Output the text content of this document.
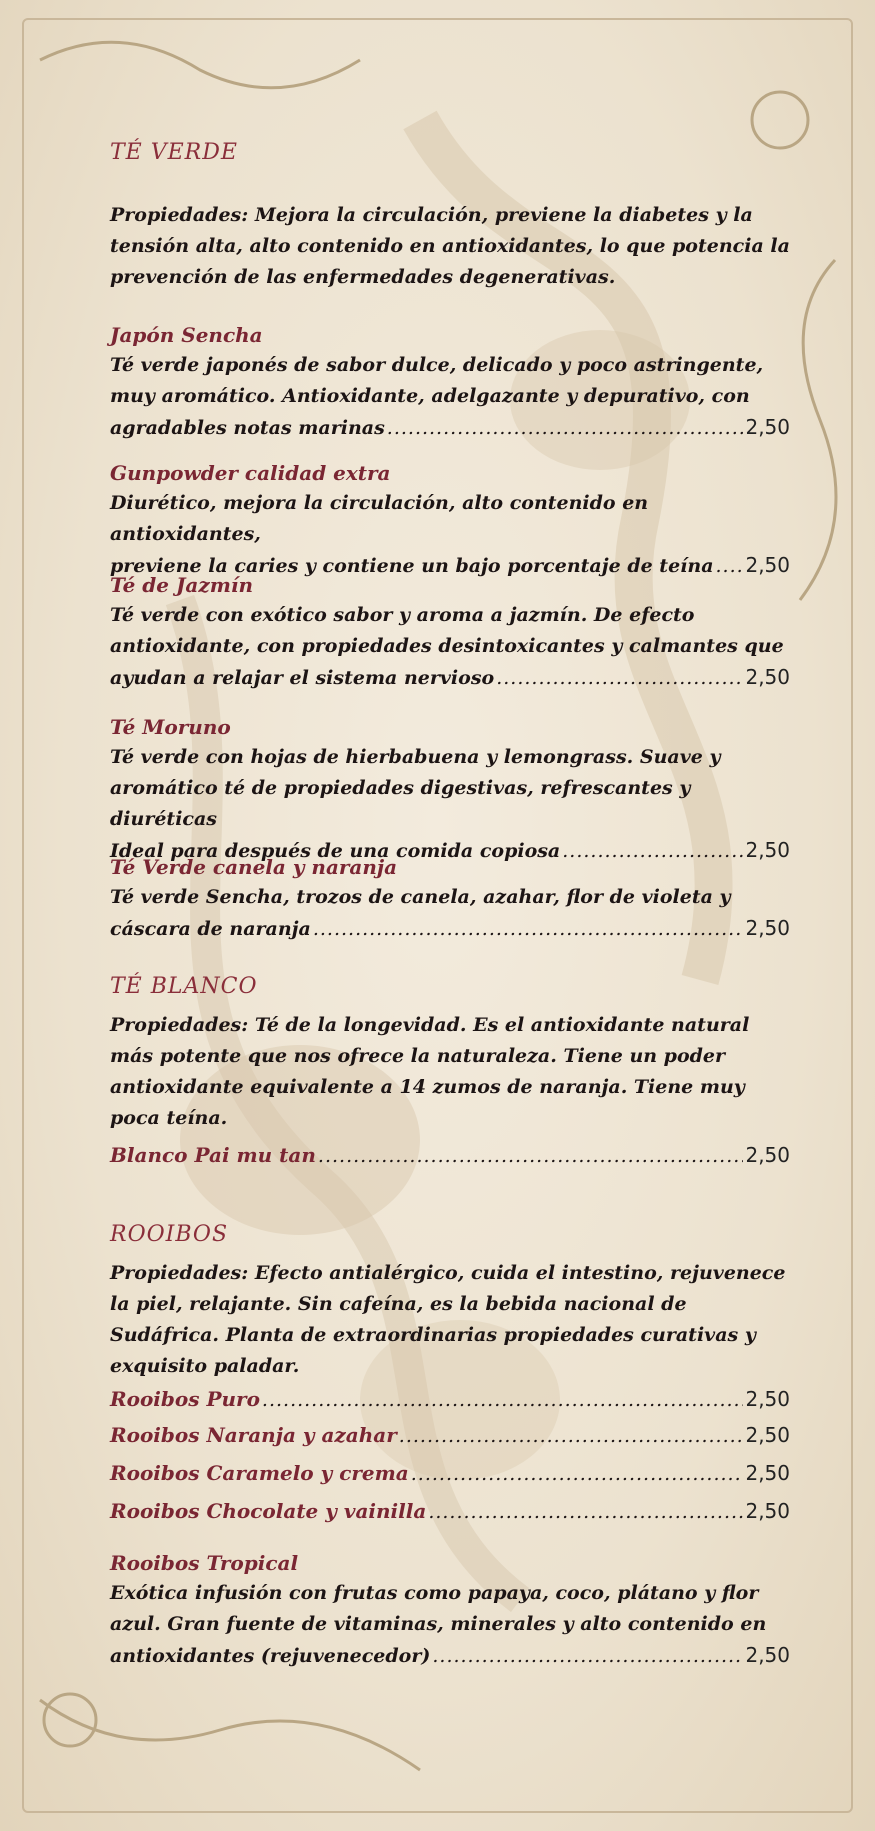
TÉ VERDE
Propiedades: Mejora la circulación, previene la diabetes y la tensión alta, alto contenido en antioxidantes, lo que potencia la prevención de las enfermedades degenerativas.
Japón Sencha
Té verde japonés de sabor dulce, delicado y poco astringente, muy aromático. Antioxidante, adelgazante y depurativo, con
agradables notas marinas .....	2,50
Gunpowder calidad extra
Diurético, mejora la circulación, alto contenido en antioxidantes,
previene la caries y contiene un bajo porcentaje de teína ..... 2,50
Té de Jazmín
Té verde con exótico sabor y aroma a jazmín. De efecto antioxidante, con propiedades desintoxicantes y calmantes que
ayudan a relajar el sistema nervioso .....	2,50
Té Moruno
Té verde con hojas de hierbabuena y lemongrass. Suave y aromático té de propiedades digestivas, refrescantes y diuréticas
Ideal para después de una comida copiosa .....	2,50
Té Verde canela y naranja
Té verde Sencha, trozos de canela, azahar, flor de violeta y
cáscara de naranja .....	2,50
TÉ BLANCO
Propiedades: Té de la longevidad. Es el antioxidante natural más potente que nos ofrece la naturaleza. Tiene un poder antioxidante equivalente a 14 zumos de naranja. Tiene muy poca teína.
Blanco Pai mu tan .....	2,50
ROOIBOS
Propiedades: Efecto antialérgico, cuida el intestino, rejuvenece la piel, relajante. Sin cafeína, es la bebida nacional de Sudáfrica. Planta de extraordinarias propiedades curativas y exquisito paladar.
Rooibos Puro .....	2,50
Rooibos Naranja y azahar .....	2,50
Rooibos Caramelo y crema .....	2,50
Rooibos Chocolate y vainilla .....	2,50
Rooibos Tropical
Exótica infusión con frutas como papaya, coco, plátano y flor azul. Gran fuente de vitaminas, minerales y alto contenido en
antioxidantes (rejuvenecedor) .....	2,50
